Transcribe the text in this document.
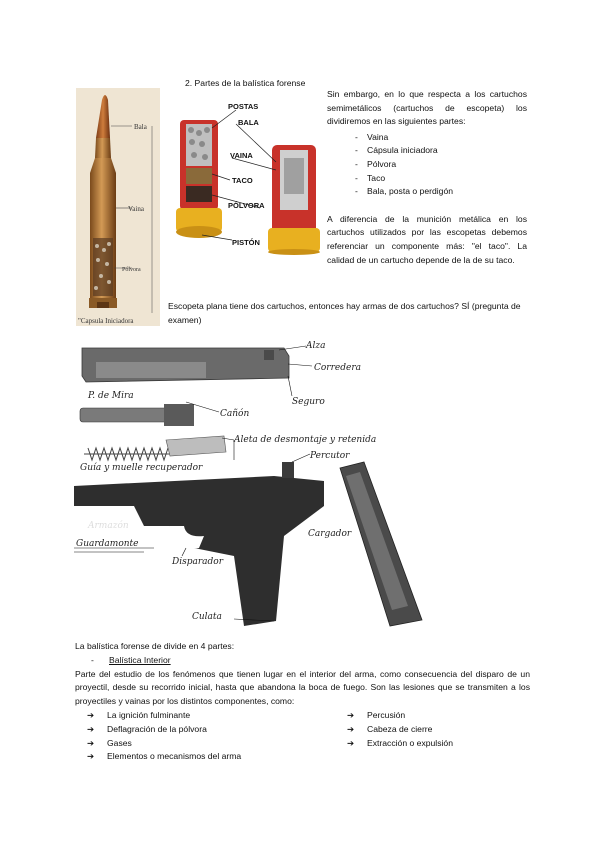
2. Partes de la balística forense
Bala
Vaina
Pólvora
"Capsula Iniciadora
POSTAS
BALA
VAINA
TACO
PÓLVORA
PISTÓN

Sin embargo, en lo que respecta a los cartuchos semimetálicos (cartuchos de escopeta) los dividiremos en las siguientes partes:

- Vaina
- Cápsula iniciadora
- Pólvora
- Taco
- Bala, posta o perdigón

A diferencia de la munición metálica en los cartuchos utilizados por las escopetas debemos referenciar un componente más: "el taco". La calidad de un cartucho depende de la de su taco.

Escopeta plana tiene dos cartuchos, entonces hay armas de dos cartuchos? SÍ (pregunta de examen)
Alza
Corredera
Seguro
P. de Mira
Cañón
Aleta de desmontaje y retenida
Guía y muelle recuperador
Percutor
Armazón
Cargador
Guardamonte
Disparador
Culata

La balística forense de divide en 4 partes:

- Balística Interior

Parte del estudio de los fenómenos que tienen lugar en el interior del arma, como consecuencia del disparo de un proyectil, desde su recorrido inicial, hasta que abandona la boca de fuego. Son las lesiones que se transmiten a los proyectiles y vainas por los distintos componentes, como:

➔	La ignición fulminante	➔	Percusión
➔	Deflagración de la pólvora	➔	Cabeza de cierre
➔	Gases	➔	Extracción o expulsión
➔	Elementos o mecanismos del arma
